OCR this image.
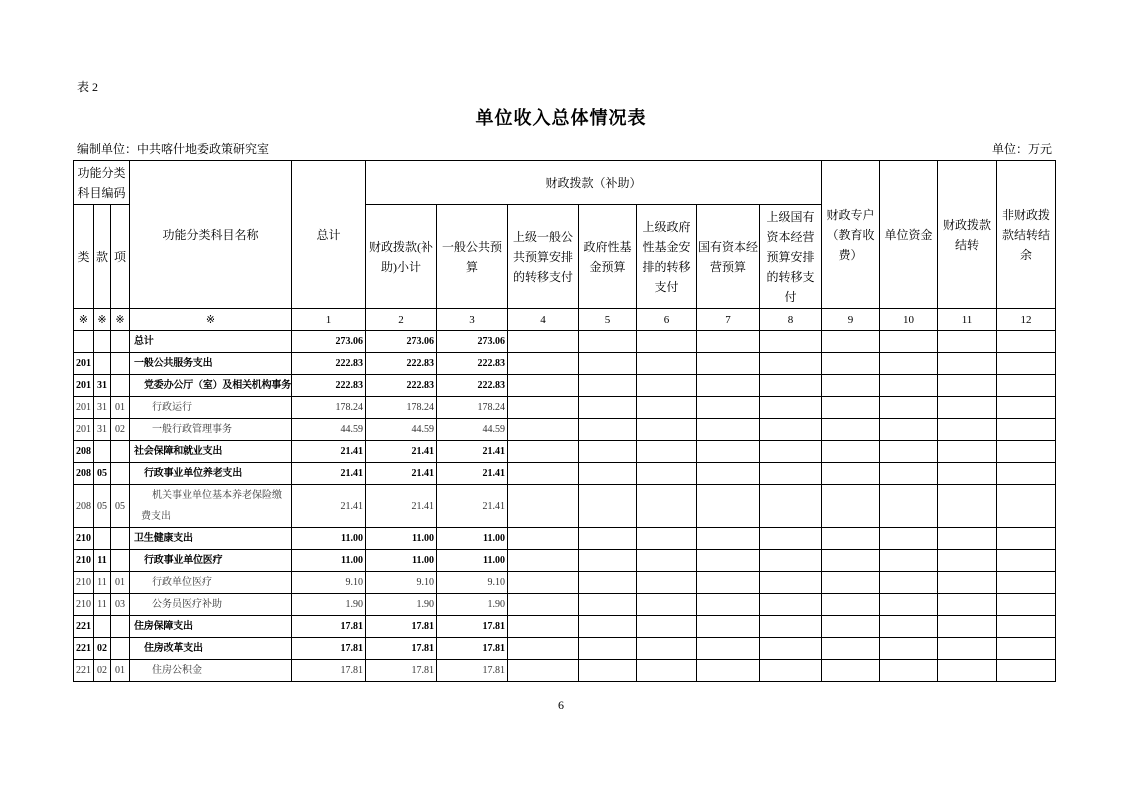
表 2
单位收入总体情况表
编制单位：中共喀什地委政策研究室	单位：万元
功能分类科目编码			功能分类科目名称	总计	财政拨款（补助）							财政专户（教育收费）	单位资金	财政拨款结转	非财政拨款结转结余

类	款	项			财政拨款(补助)小计	一般公共预算	上级一般公共预算安排的转移支付	政府性基金预算	上级政府性基金安排的转移支付	国有资本经营预算	上级国有资本经营预算安排的转移支付				

※	※	※	※	1	2	3	4	5	6	7	8	9	10	11	12
			总计	273.06	273.06	273.06									
201			一般公共服务支出	222.83	222.83	222.83									
201	31		党委办公厅（室）及相关机构事务	222.83	222.83	222.83									
201	31	01	行政运行	178.24	178.24	178.24									
201	31	02	一般行政管理事务	44.59	44.59	44.59									
208			社会保障和就业支出	21.41	21.41	21.41									
208	05		行政事业单位养老支出	21.41	21.41	21.41									
208	05	05	机关事业单位基本养老保险缴费支出	21.41	21.41	21.41									
210			卫生健康支出	11.00	11.00	11.00									
210	11		行政事业单位医疗	11.00	11.00	11.00									
210	11	01	行政单位医疗	9.10	9.10	9.10									
210	11	03	公务员医疗补助	1.90	1.90	1.90									
221			住房保障支出	17.81	17.81	17.81									
221	02		住房改革支出	17.81	17.81	17.81									
221	02	01	住房公积金	17.81	17.81	17.81									
6
